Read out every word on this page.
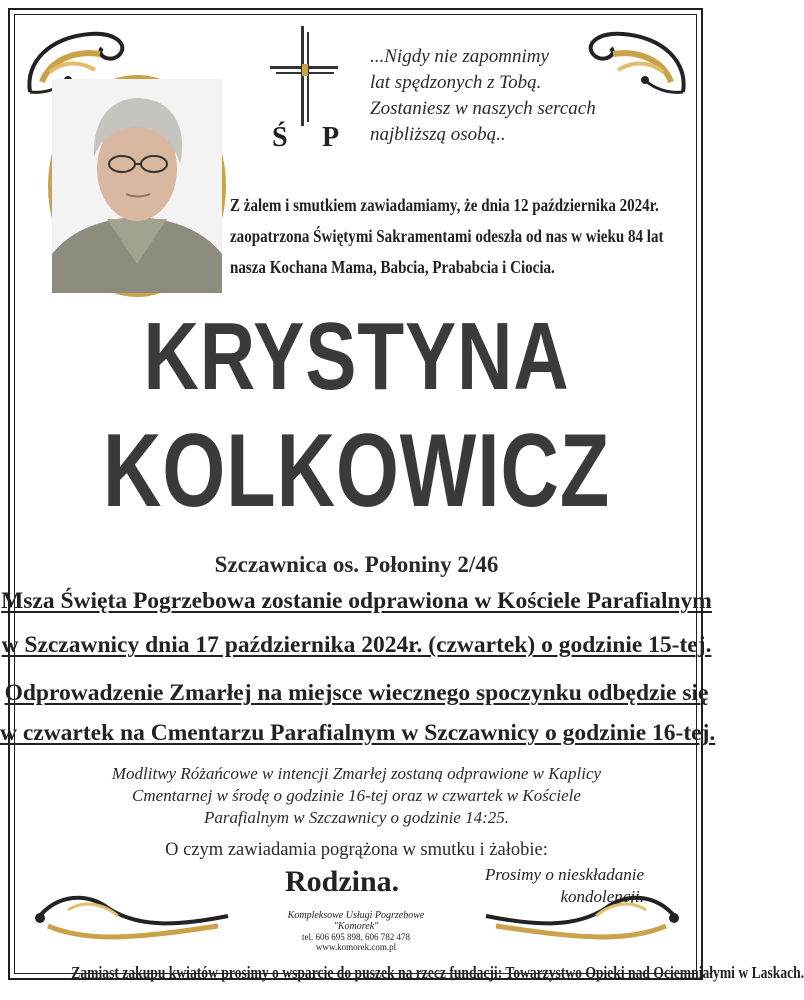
...Nigdy nie zapomnimy
lat spędzonych z Tobą.
Zostaniesz w naszych sercach
najbliższą osobą..
Ś P
Z żalem i smutkiem zawiadamiamy, że dnia 12 października 2024r.
zaopatrzona Świętymi Sakramentami odeszła od nas w wieku 84 lat
nasza Kochana Mama, Babcia, Prababcia i Ciocia.
KRYSTYNA
KOLKOWICZ
Szczawnica os. Połoniny 2/46
Msza Święta Pogrzebowa zostanie odprawiona w Kościele Parafialnym
w Szczawnicy dnia 17 października 2024r. (czwartek) o godzinie 15-tej.
Odprowadzenie Zmarłej na miejsce wiecznego spoczynku odbędzie się
w czwartek na Cmentarzu Parafialnym w Szczawnicy o godzinie 16-tej.
Modlitwy Różańcowe w intencji Zmarłej zostaną odprawione w Kaplicy
Cmentarnej w środę o godzinie 16-tej oraz w czwartek w Kościele
Parafialnym w Szczawnicy o godzinie 14:25.
O czym zawiadamia pogrążona w smutku i żałobie:
Rodzina.	Prosimy o nieskładanie
kondolencji.
Kompleksowe Usługi Pogrzebowe
"Komorek"
tel. 606 695 898, 606 782 478
www.komorek.com.pl
Zamiast zakupu kwiatów prosimy o wsparcie do puszek na rzecz fundacji: Towarzystwo Opieki nad Ociemniałymi w Laskach.
